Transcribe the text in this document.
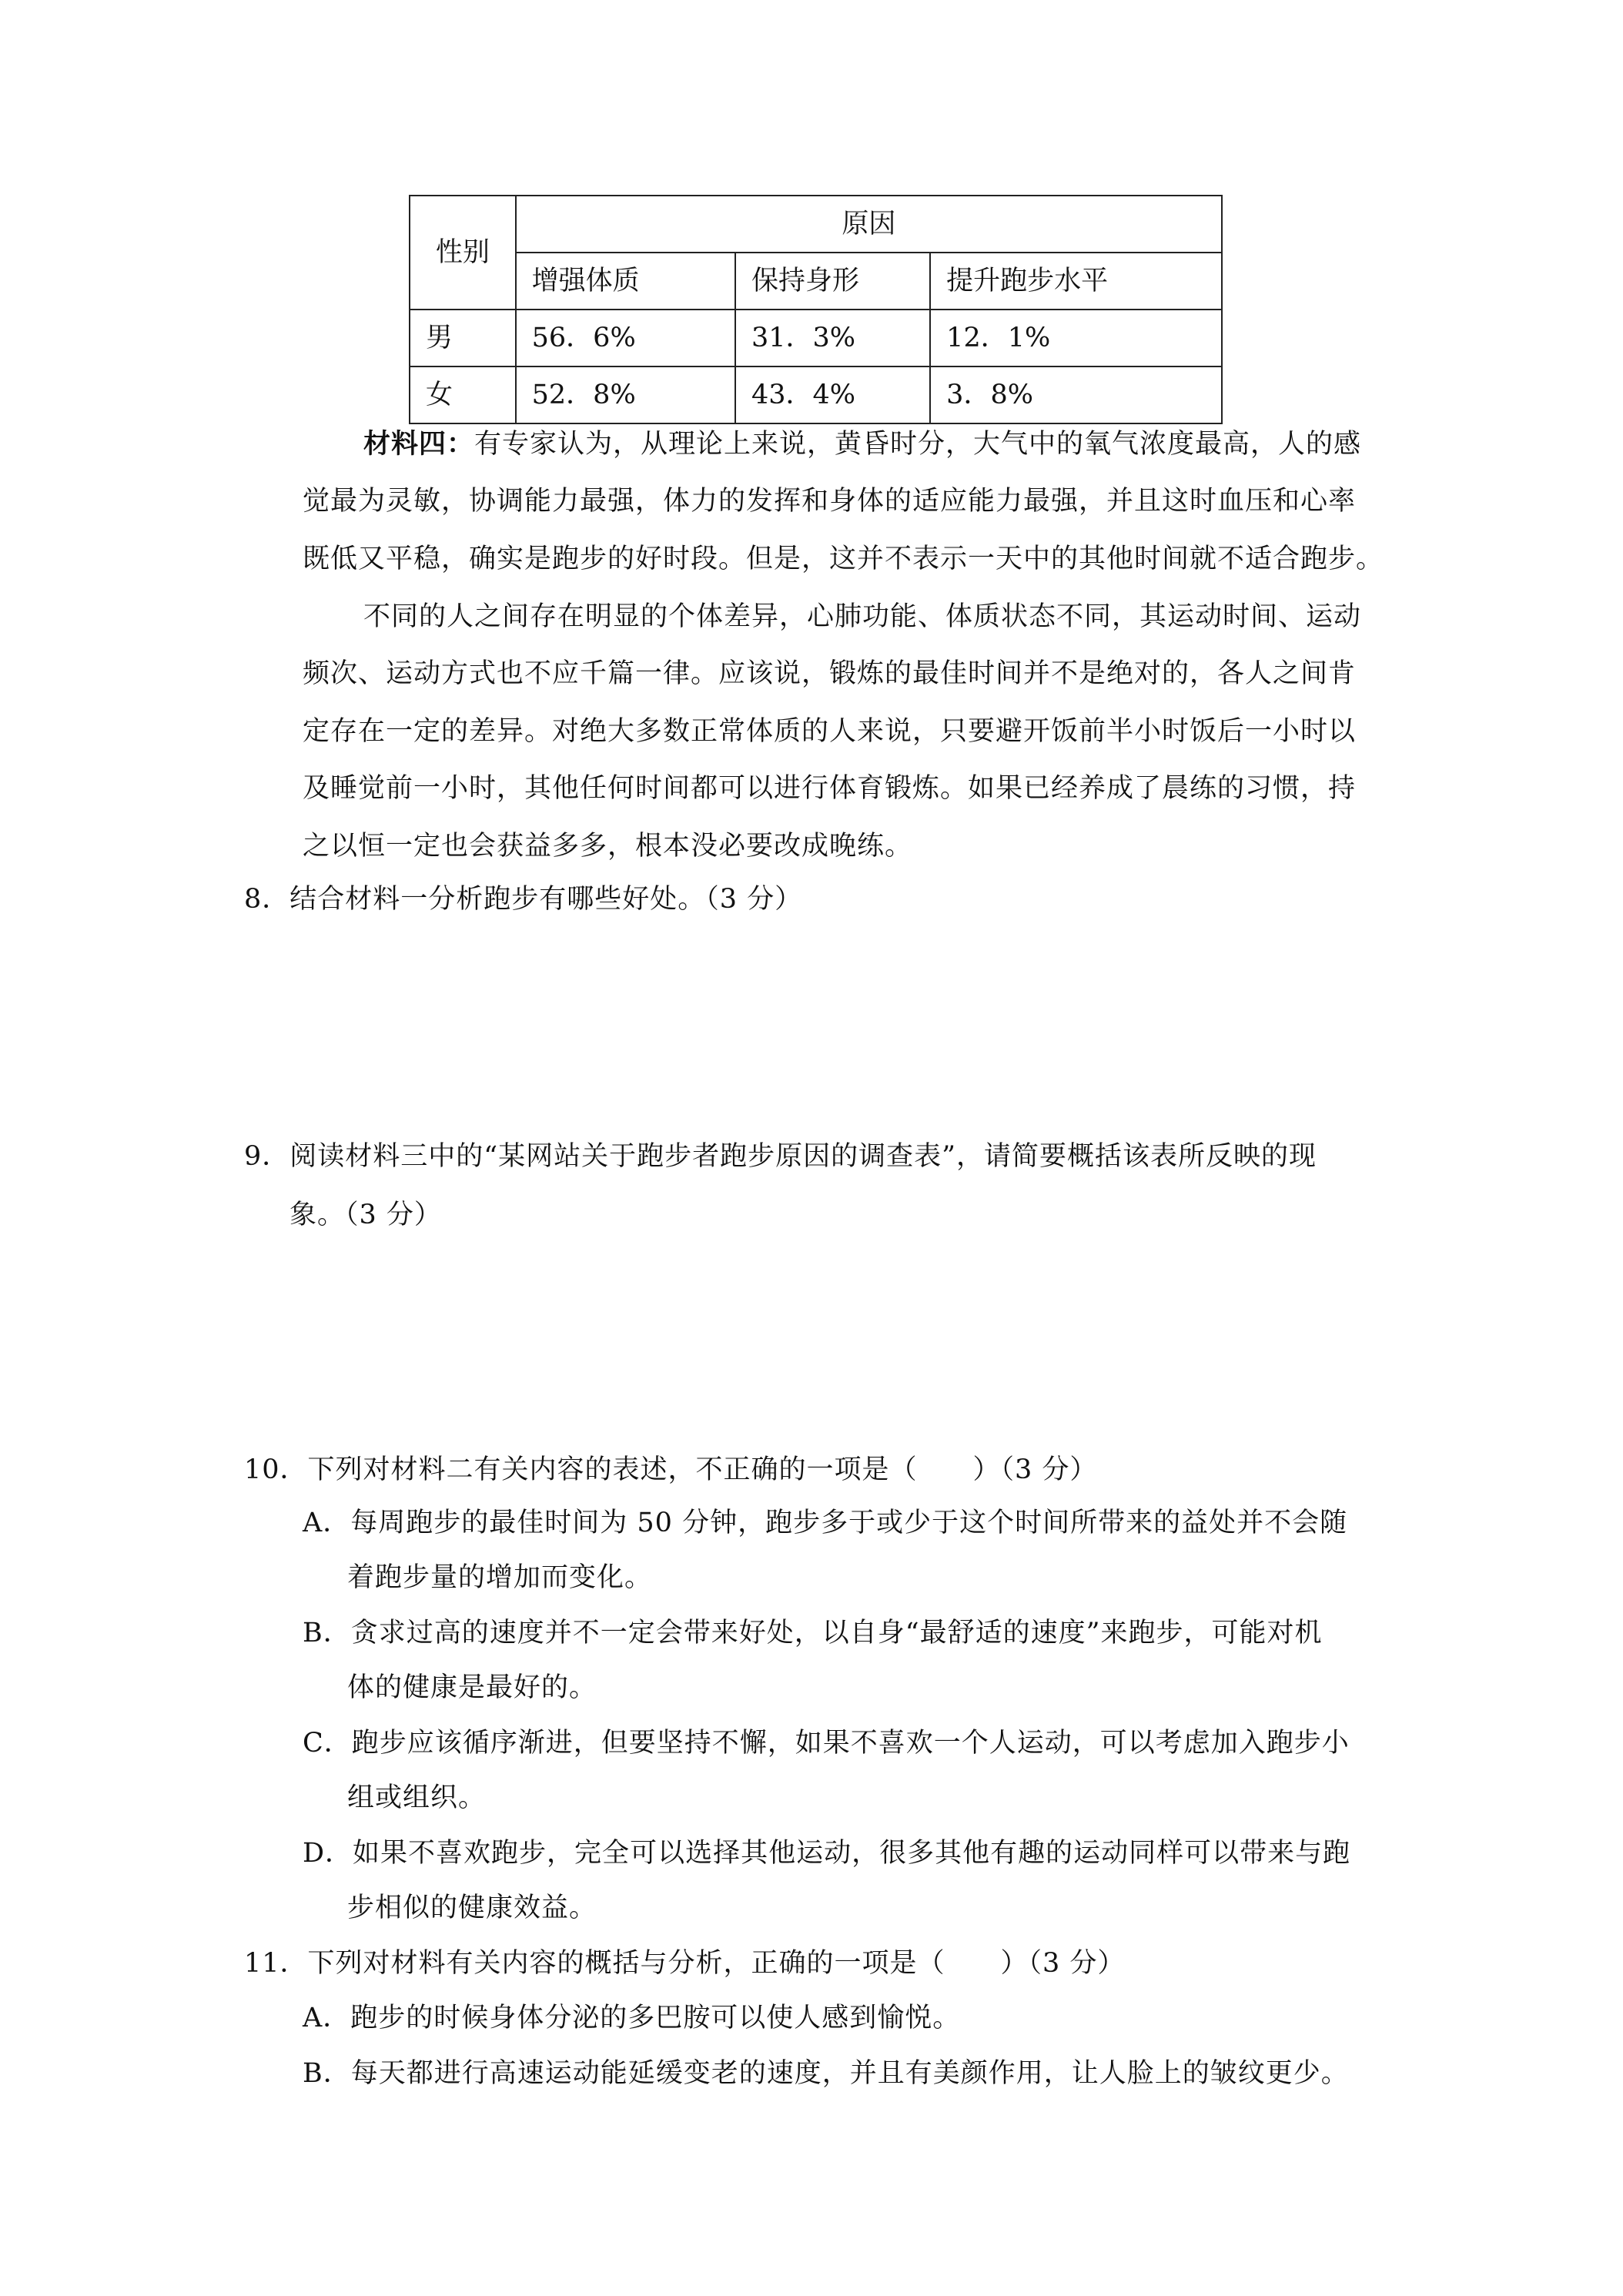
性别	原因		
	增强体质	保持身形	提升跑步水平
男	56．6%	31．3%	12．1%
女	52．8%	43．4%	3．8%
材料四：有专家认为，从理论上来说，黄昏时分，大气中的氧气浓度最高，人的感
觉最为灵敏，协调能力最强，体力的发挥和身体的适应能力最强，并且这时血压和心率
既低又平稳，确实是跑步的好时段。但是，这并不表示一天中的其他时间就不适合跑步。
不同的人之间存在明显的个体差异，心肺功能、体质状态不同，其运动时间、运动
频次、运动方式也不应千篇一律。应该说，锻炼的最佳时间并不是绝对的，各人之间肯
定存在一定的差异。对绝大多数正常体质的人来说，只要避开饭前半小时饭后一小时以
及睡觉前一小时，其他任何时间都可以进行体育锻炼。如果已经养成了晨练的习惯，持
之以恒一定也会获益多多，根本没必要改成晚练。
8．结合材料一分析跑步有哪些好处。（3 分）
9．阅读材料三中的“某网站关于跑步者跑步原因的调查表”，请简要概括该表所反映的现
象。（3 分）
10．下列对材料二有关内容的表述，不正确的一项是（　　）（3 分）
A．每周跑步的最佳时间为 50 分钟，跑步多于或少于这个时间所带来的益处并不会随
着跑步量的增加而变化。
B．贪求过高的速度并不一定会带来好处，以自身“最舒适的速度”来跑步，可能对机
体的健康是最好的。
C．跑步应该循序渐进，但要坚持不懈，如果不喜欢一个人运动，可以考虑加入跑步小
组或组织。
D．如果不喜欢跑步，完全可以选择其他运动，很多其他有趣的运动同样可以带来与跑
步相似的健康效益。
11．下列对材料有关内容的概括与分析，正确的一项是（　　）（3 分）
A．跑步的时候身体分泌的多巴胺可以使人感到愉悦。
B．每天都进行高速运动能延缓变老的速度，并且有美颜作用，让人脸上的皱纹更少。
